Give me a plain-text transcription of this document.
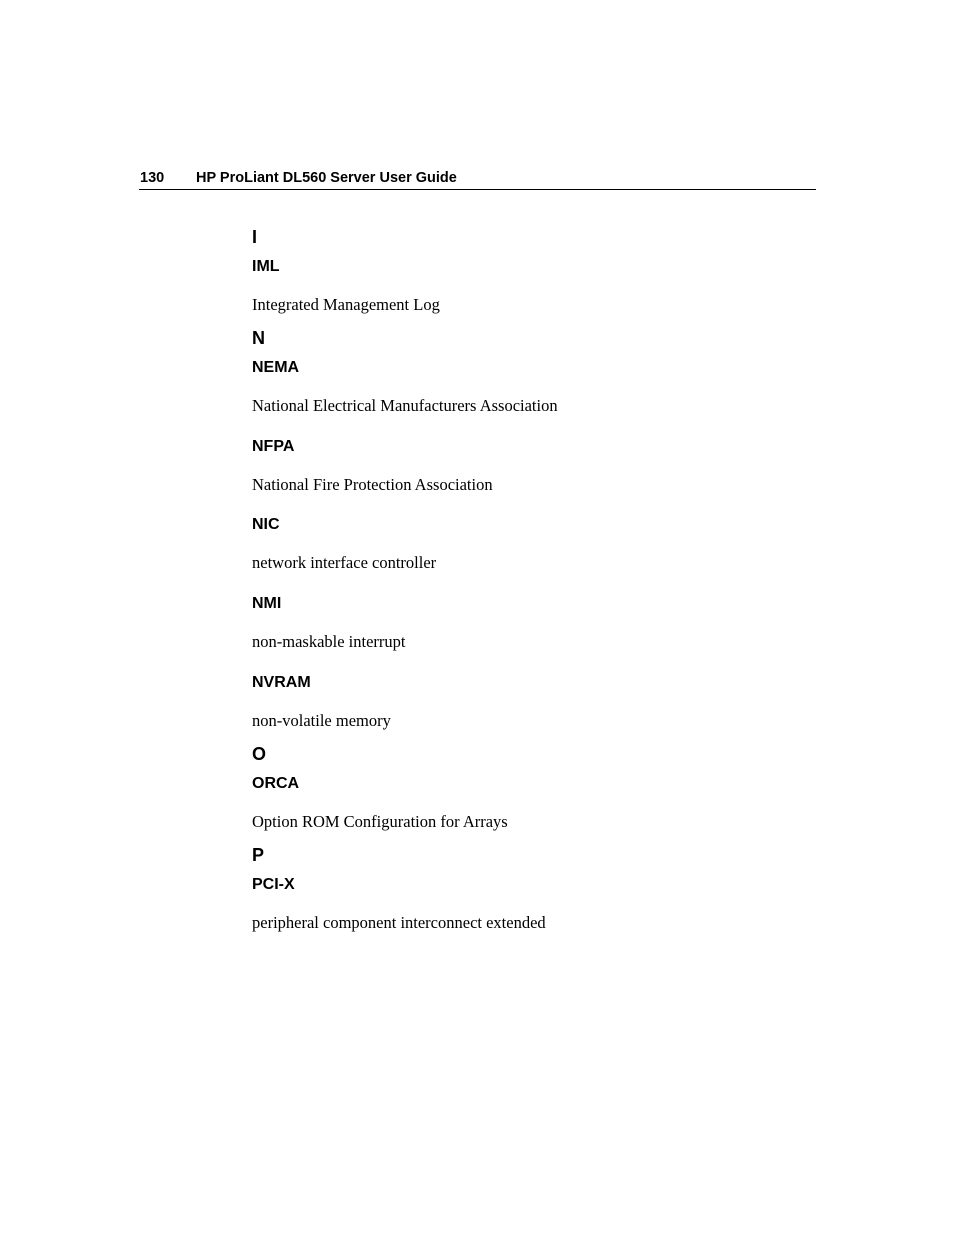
130 HP ProLiant DL560 Server User Guide
I
IML
Integrated Management Log
N
NEMA
National Electrical Manufacturers Association
NFPA
National Fire Protection Association
NIC
network interface controller
NMI
non-maskable interrupt
NVRAM
non-volatile memory
O
ORCA
Option ROM Configuration for Arrays
P
PCI-X
peripheral component interconnect extended
